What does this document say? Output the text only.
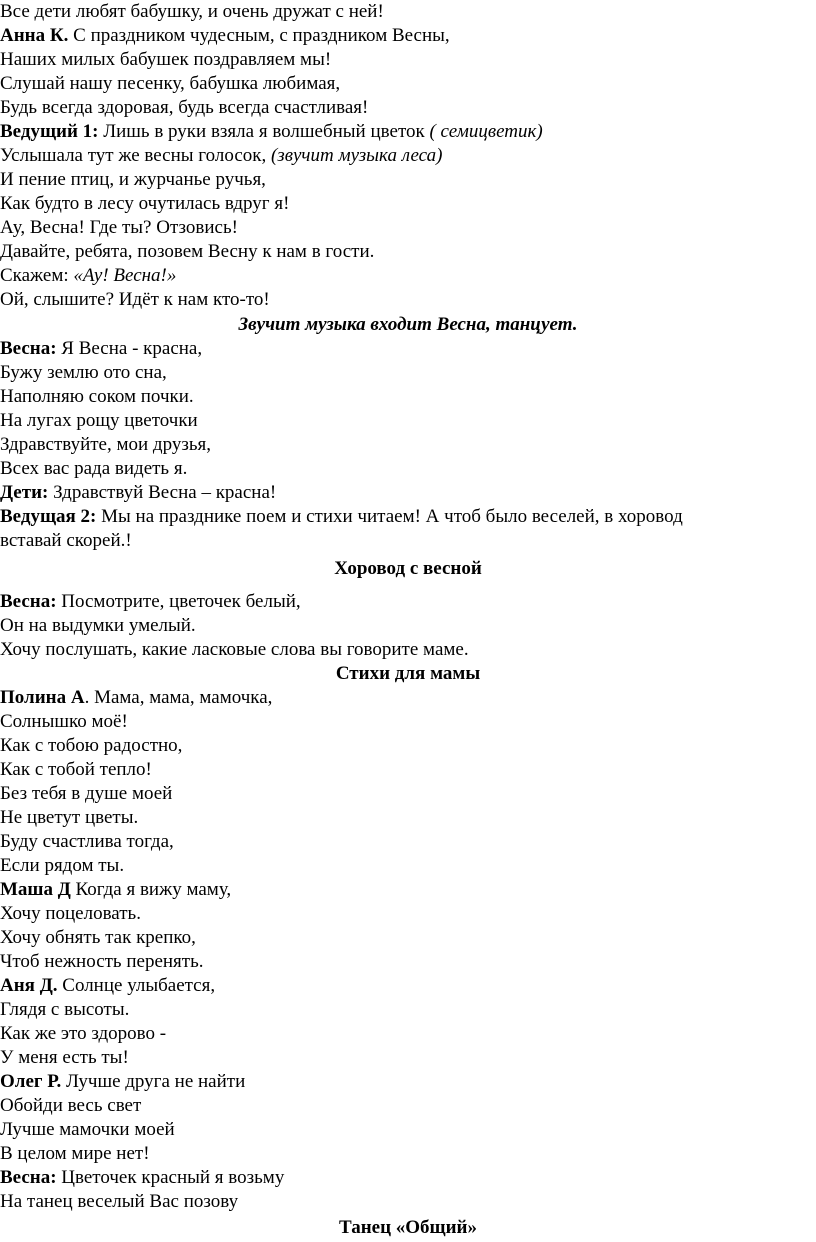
Все дети любят бабушку, и очень дружат с ней!
Анна К. С праздником чудесным, с праздником Весны,
Наших милых бабушек поздравляем мы!
Слушай нашу песенку, бабушка любимая,
Будь всегда здоровая, будь всегда счастливая!
Ведущий 1: Лишь в руки взяла я волшебный цветок ( семицветик)
Услышала тут же весны голосок, (звучит музыка леса)
И пение птиц, и журчанье ручья,
Как будто в лесу очутилась вдруг я!
Ау, Весна! Где ты? Отзовись!
Давайте, ребята, позовем Весну к нам в гости.
Скажем: «Ау! Весна!»
Ой, слышите? Идёт к нам кто-то!
Звучит музыка входит Весна, танцует.
Весна: Я Весна - красна,
Бужу землю ото сна,
Наполняю соком почки.
На лугах рощу цветочки
Здравствуйте, мои друзья,
Всех вас рада видеть я.
Дети: Здравствуй Весна – красна!
Ведущая 2: Мы на празднике поем и стихи читаем! А чтоб было веселей, в хоровод
вставай скорей.!
Хоровод с весной
Весна: Посмотрите, цветочек белый,
Он на выдумки умелый.
Хочу послушать, какие ласковые слова вы говорите маме.
Стихи для мамы
Полина А. Мама, мама, мамочка,
Солнышко моё!
Как с тобою радостно,
Как с тобой тепло!
Без тебя в душе моей
Не цветут цветы.
Буду счастлива тогда,
Если рядом ты.
Маша Д Когда я вижу маму,
Хочу поцеловать.
Хочу обнять так крепко,
Чтоб нежность перенять.
Аня Д. Солнце улыбается,
Глядя с высоты.
Как же это здорово -
У меня есть ты!
Олег Р. Лучше друга не найти
Обойди весь свет
Лучше мамочки моей
В целом мире нет!
Весна: Цветочек красный я возьму
На танец веселый Вас позову
Танец «Общий»
